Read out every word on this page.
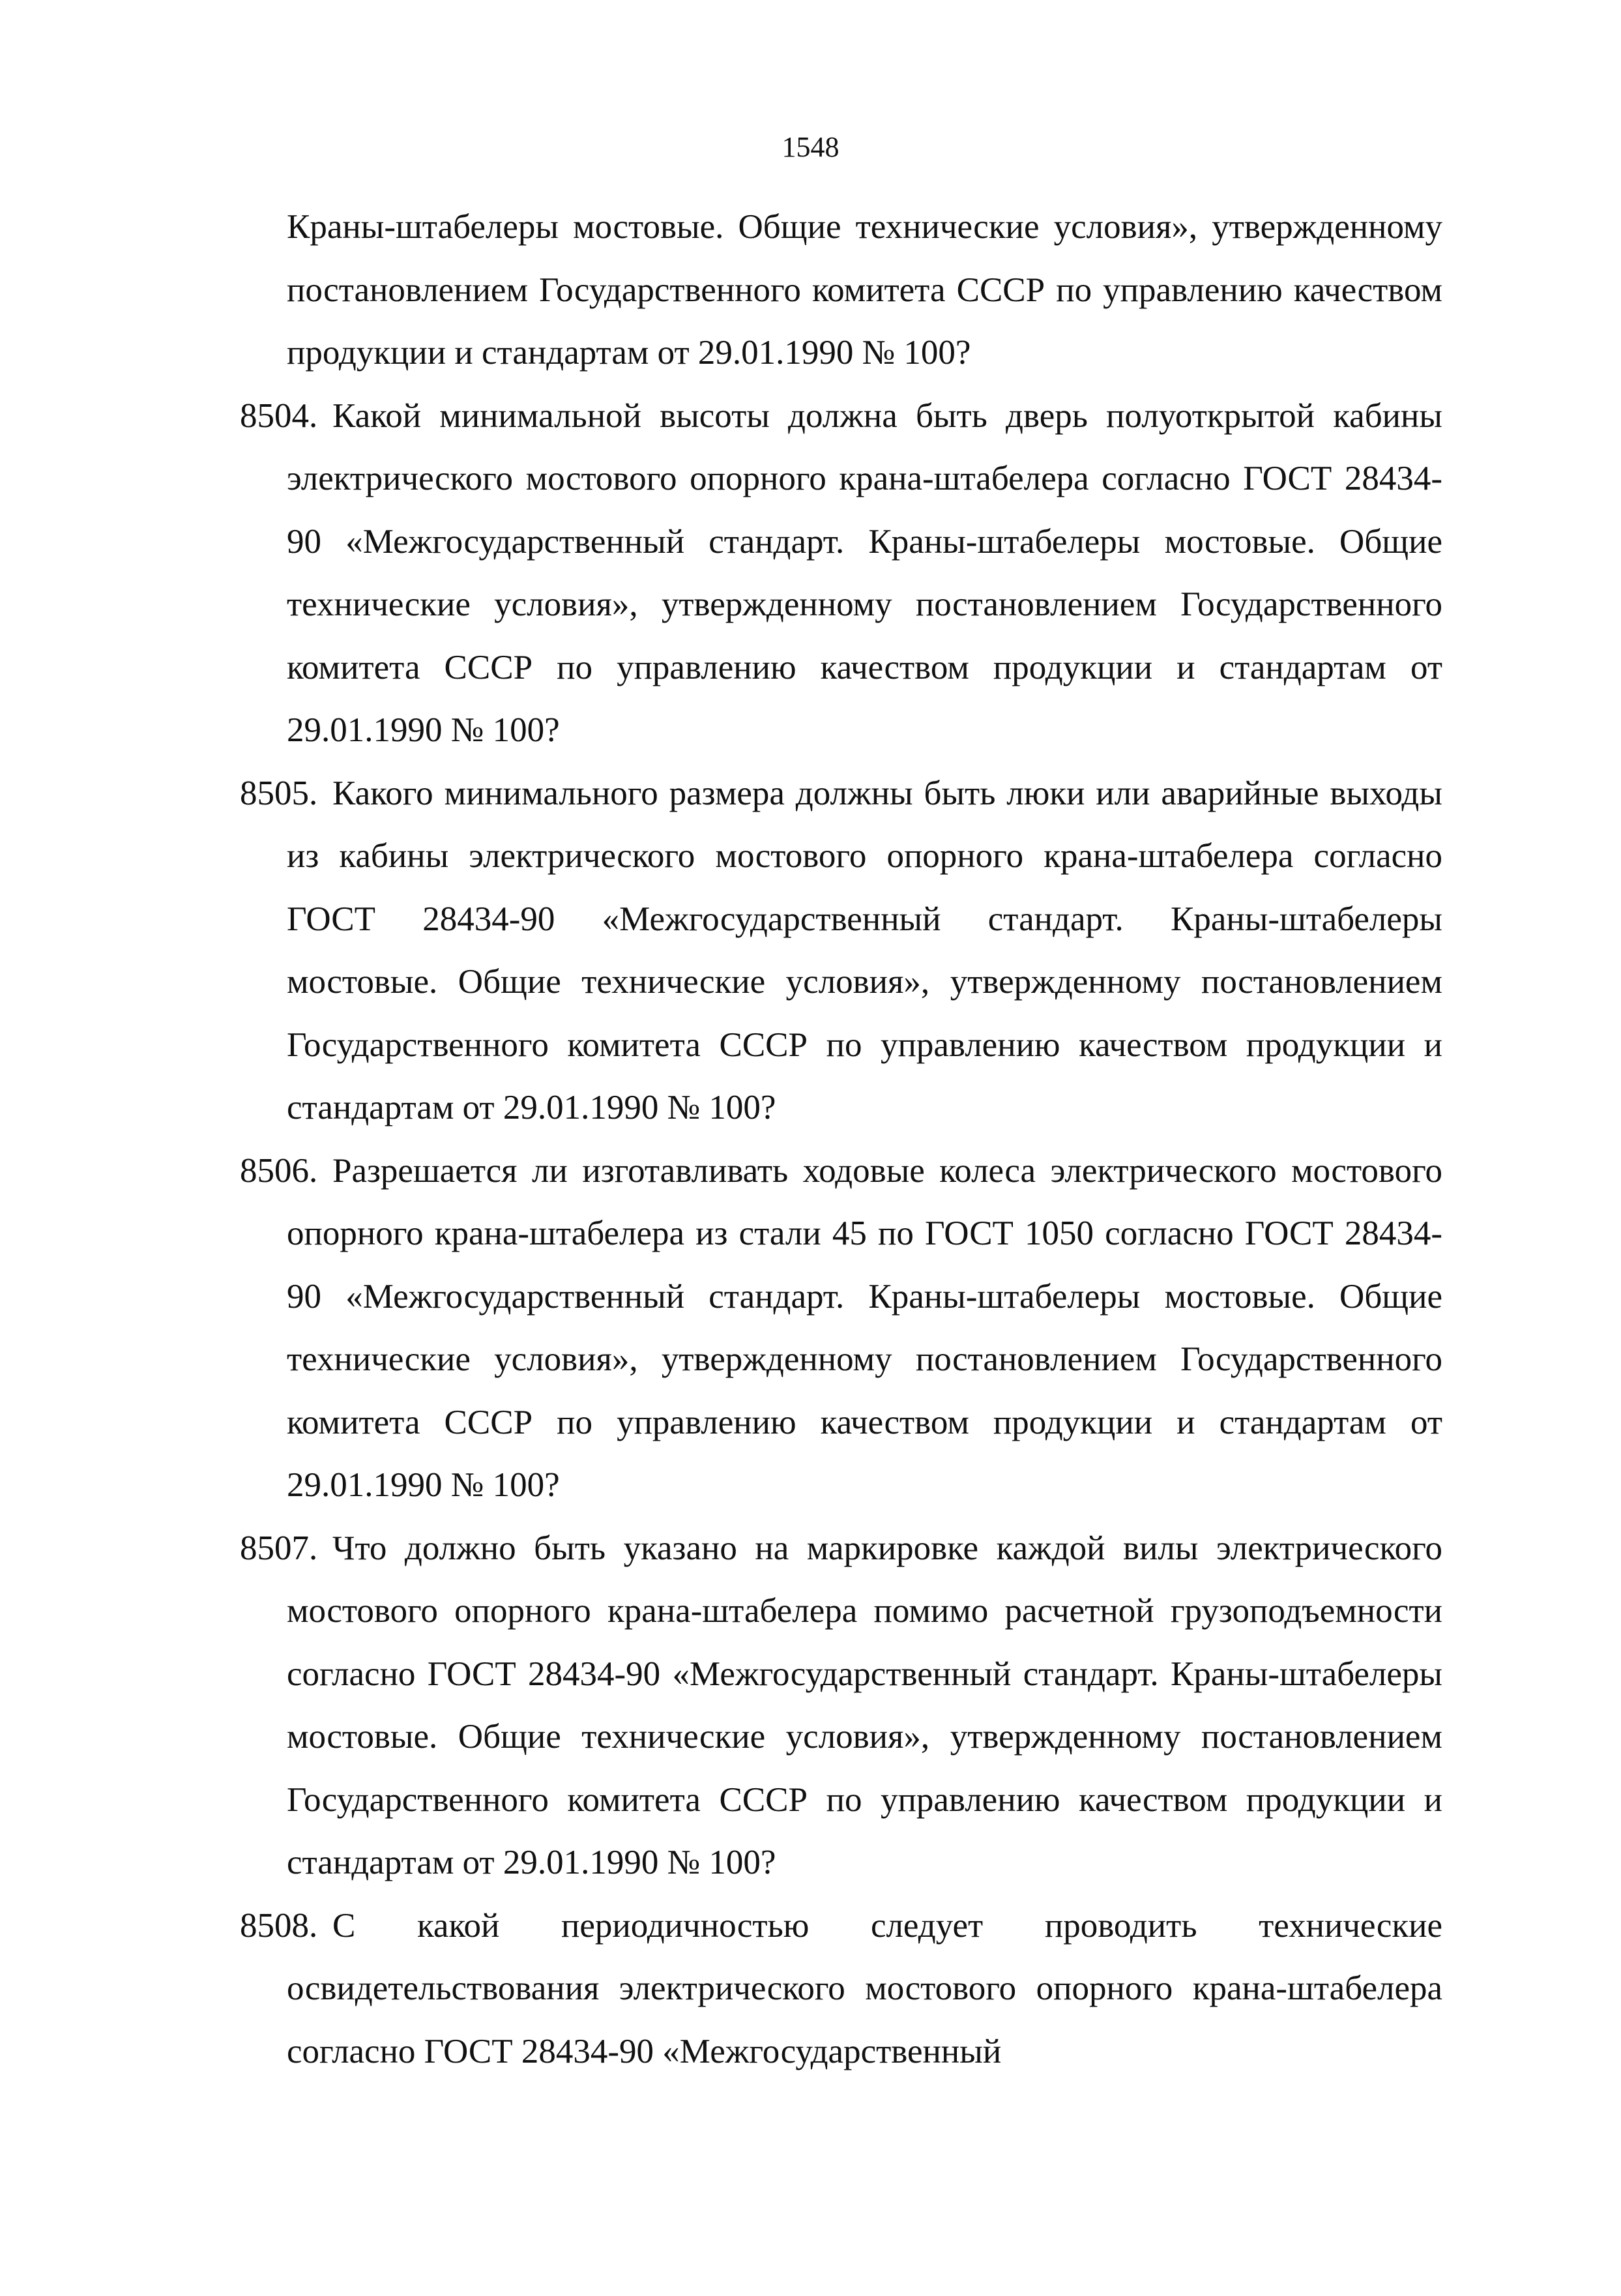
1548
Краны-штабелеры мостовые. Общие технические условия», утвержденному постановлением Государственного комитета СССР по управлению качеством продукции и стандартам от 29.01.1990 № 100?
8504. Какой минимальной высоты должна быть дверь полуоткрытой кабины электрического мостового опорного крана-штабелера согласно ГОСТ 28434-90 «Межгосударственный стандарт. Краны-штабелеры мостовые. Общие технические условия», утвержденному постановлением Государственного комитета СССР по управлению качеством продукции и стандартам от 29.01.1990 № 100?
8505. Какого минимального размера должны быть люки или аварийные выходы из кабины электрического мостового опорного крана-штабелера согласно ГОСТ 28434-90 «Межгосударственный стандарт. Краны-штабелеры мостовые. Общие технические условия», утвержденному постановлением Государственного комитета СССР по управлению качеством продукции и стандартам от 29.01.1990 № 100?
8506. Разрешается ли изготавливать ходовые колеса электрического мостового опорного крана-штабелера из стали 45 по ГОСТ 1050 согласно ГОСТ 28434-90 «Межгосударственный стандарт. Краны-штабелеры мостовые. Общие технические условия», утвержденному постановлением Государственного комитета СССР по управлению качеством продукции и стандартам от 29.01.1990 № 100?
8507. Что должно быть указано на маркировке каждой вилы электрического мостового опорного крана-штабелера помимо расчетной грузоподъемности согласно ГОСТ 28434-90 «Межгосударственный стандарт. Краны-штабелеры мостовые. Общие технические условия», утвержденному постановлением Государственного комитета СССР по управлению качеством продукции и стандартам от 29.01.1990 № 100?
8508. С какой периодичностью следует проводить технические освидетельствования электрического мостового опорного крана-штабелера согласно ГОСТ 28434-90 «Межгосударственный
